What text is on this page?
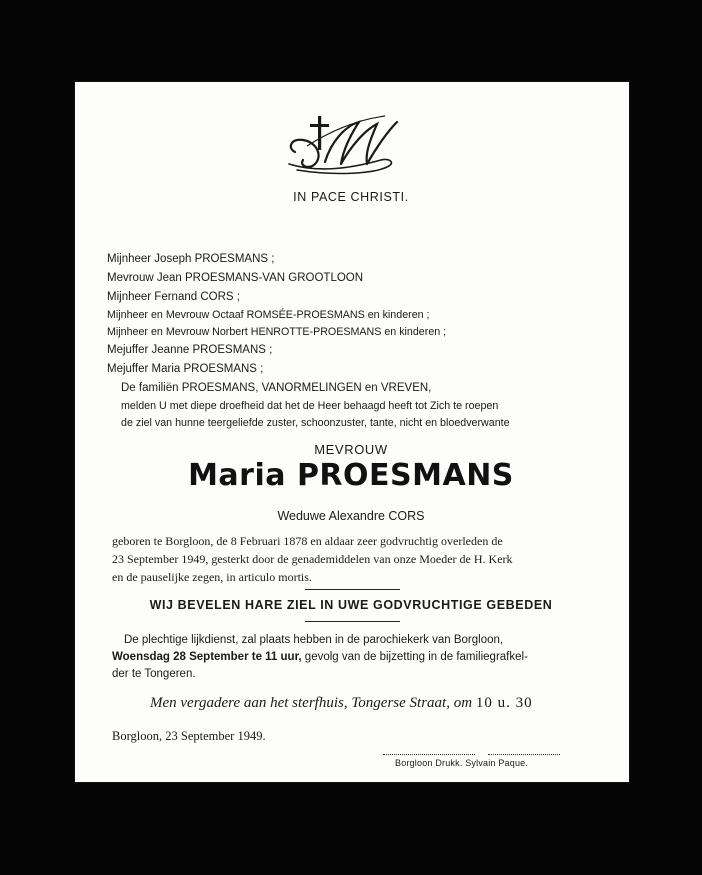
IN PACE CHRISTI.
Mijnheer Joseph PROESMANS ;
Mevrouw Jean PROESMANS-VAN GROOTLOON
Mijnheer Fernand CORS ;
Mijnheer en Mevrouw Octaaf ROMSÉE-PROESMANS en kinderen ;
Mijnheer en Mevrouw Norbert HENROTTE-PROESMANS en kinderen ;
Mejuffer Jeanne PROESMANS ;
Mejuffer Maria PROESMANS ;
De familiën PROESMANS, VANORMELINGEN en VREVEN,
melden U met diepe droefheid dat het de Heer behaagd heeft tot Zich te roepen
de ziel van hunne teergeliefde zuster, schoonzuster, tante, nicht en bloedverwante
MEVROUW
Maria PROESMANS
Weduwe Alexandre CORS
geboren te Borgloon, de 8 Februari 1878 en aldaar zeer godvruchtig overleden de
23 September 1949, gesterkt door de genademiddelen van onze Moeder de H. Kerk
en de pauselijke zegen, in articulo mortis.
WIJ BEVELEN HARE ZIEL IN UWE GODVRUCHTIGE GEBEDEN
De plechtige lijkdienst, zal plaats hebben in de parochiekerk van Borgloon,
Woensdag 28 September te 11 uur, gevolg van de bijzetting in de familiegrafkel-
der te Tongeren.
Men vergadere aan het sterfhuis, Tongerse Straat, om 10 u. 30
Borgloon, 23 September 1949.
Borgloon Drukk. Sylvain Paque.
